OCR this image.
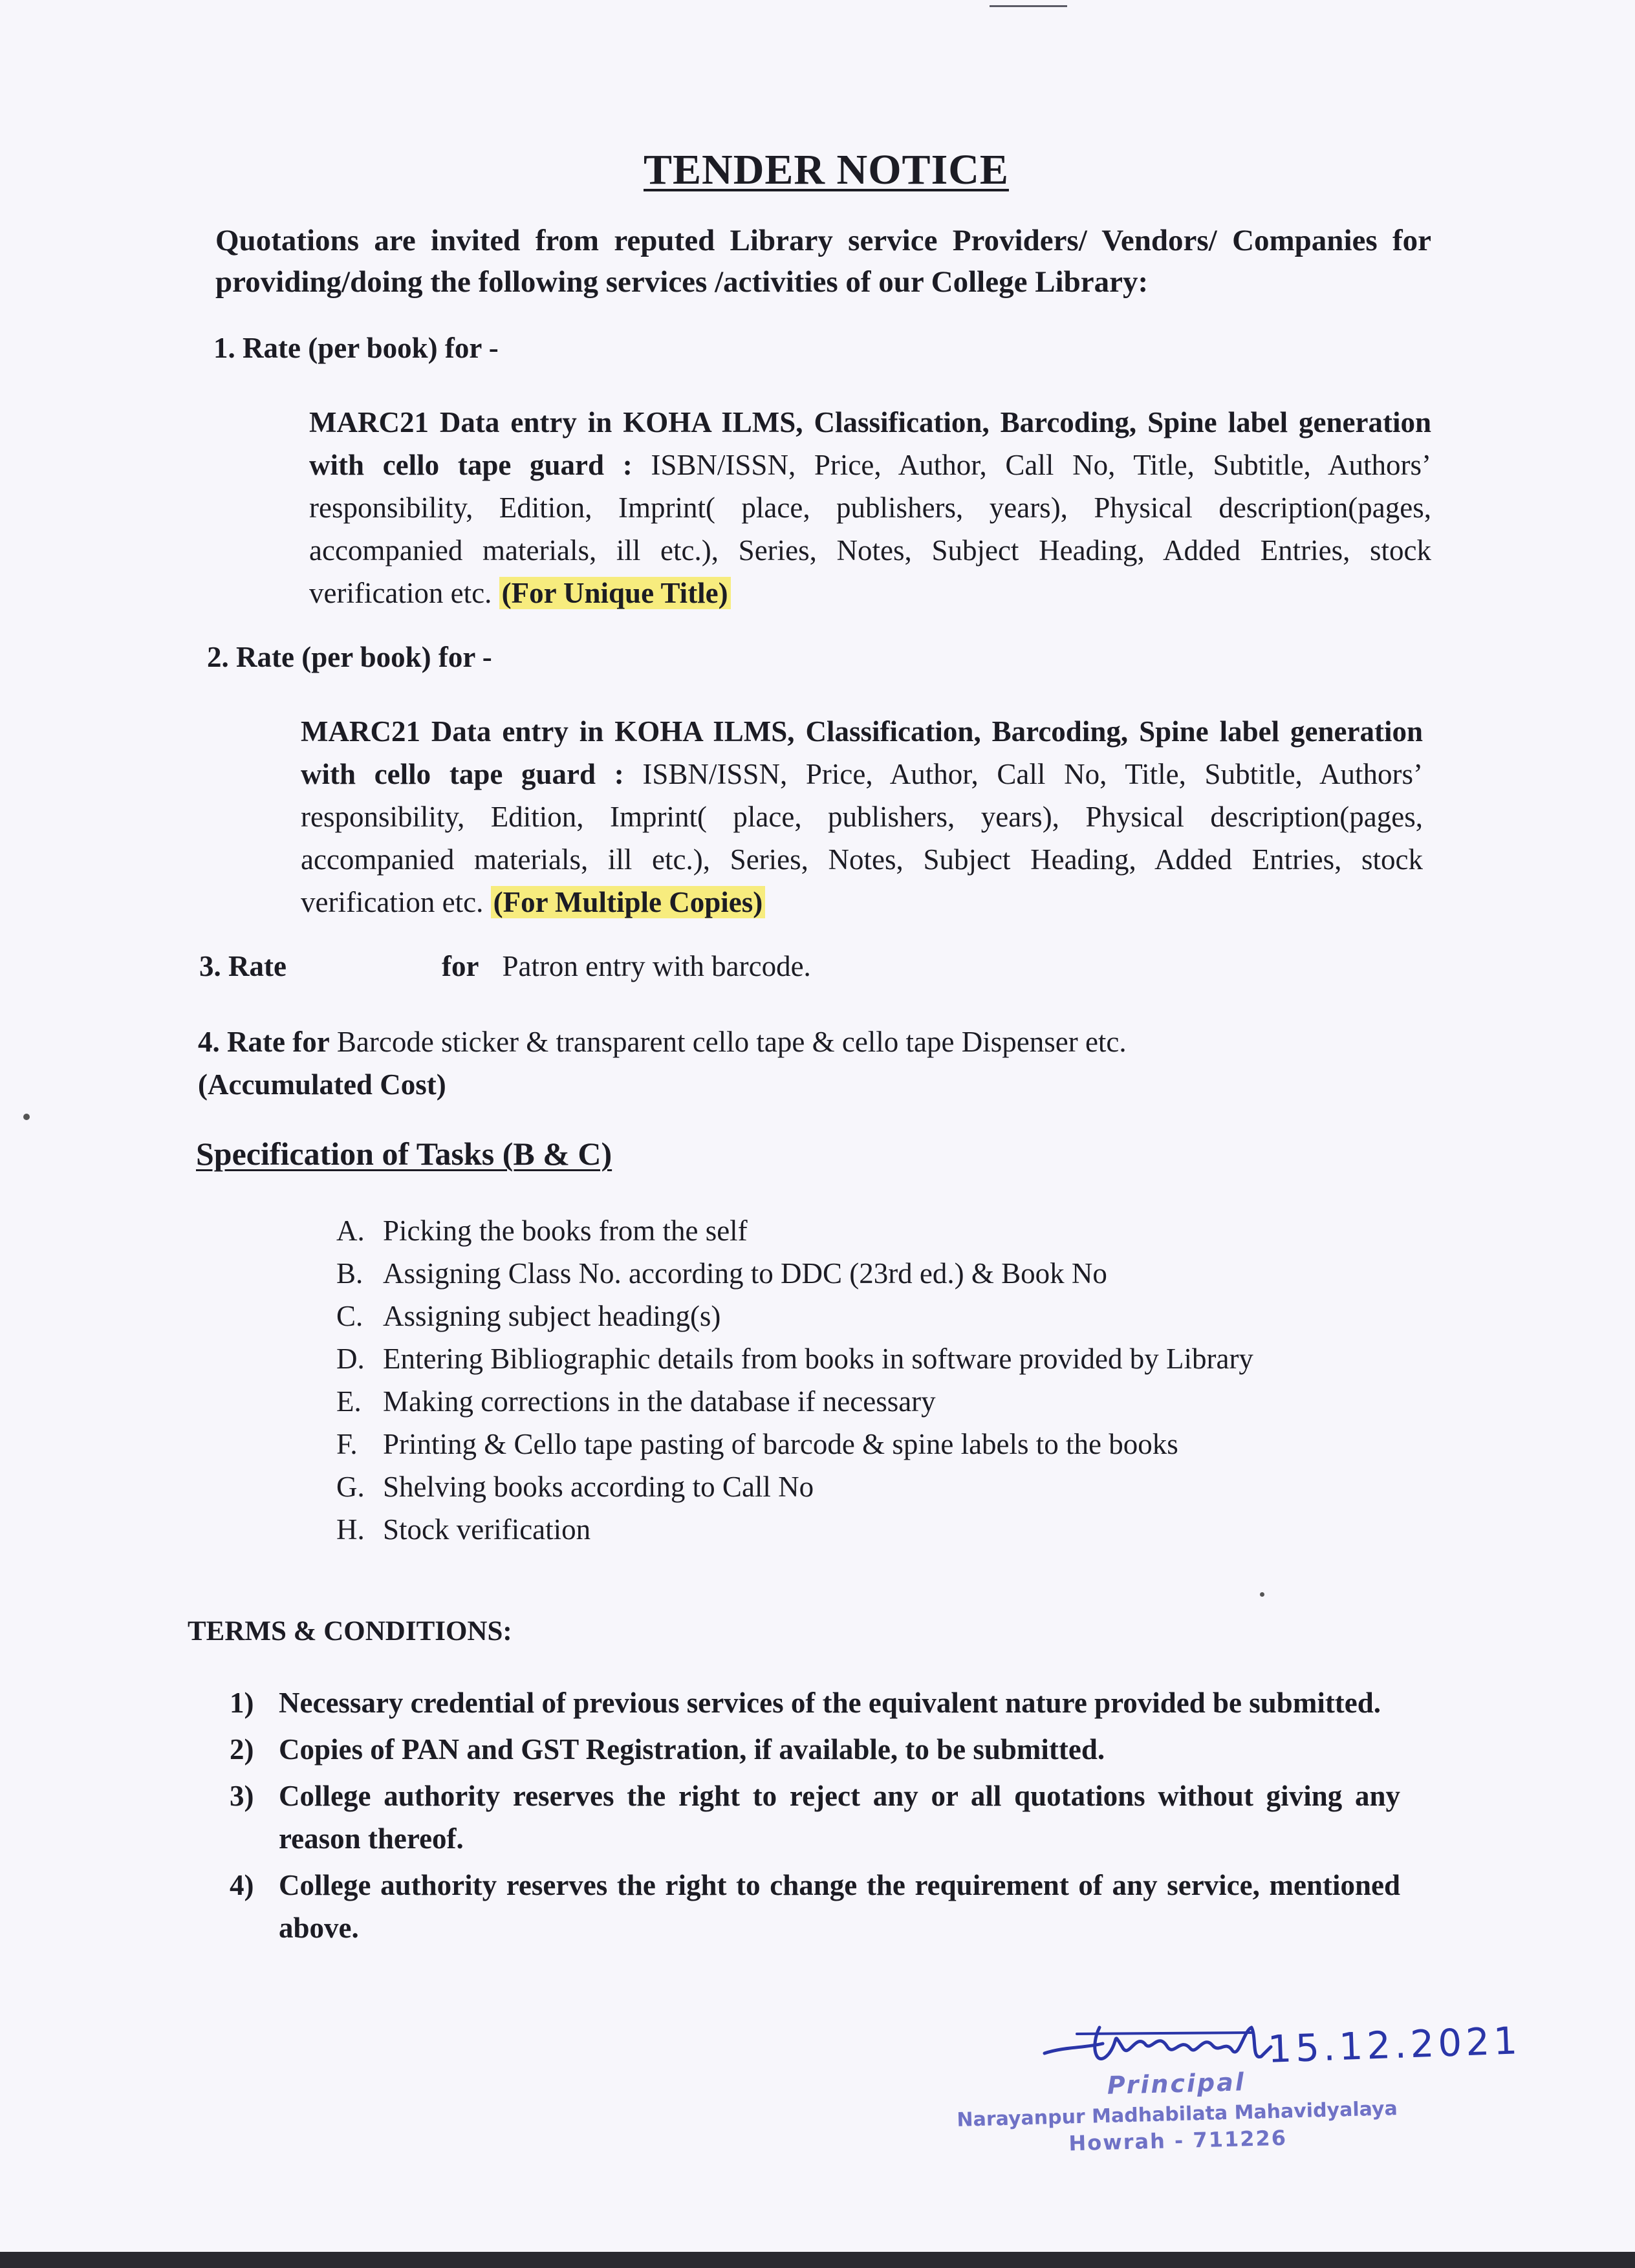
TENDER NOTICE
Quotations are invited from reputed Library service Providers/ Vendors/ Companies for providing/doing the following services /activities of our College Library:
1. Rate (per book) for -
MARC21 Data entry in KOHA ILMS, Classification, Barcoding, Spine label generation with cello tape guard : ISBN/ISSN, Price, Author, Call No, Title, Subtitle, Authors’ responsibility, Edition, Imprint( place, publishers, years), Physical description(pages, accompanied materials, ill etc.), Series, Notes, Subject Heading, Added Entries, stock verification etc. (For Unique Title)
2. Rate (per book) for -
MARC21 Data entry in KOHA ILMS, Classification, Barcoding, Spine label generation with cello tape guard : ISBN/ISSN, Price, Author, Call No, Title, Subtitle, Authors’ responsibility, Edition, Imprint( place, publishers, years), Physical description(pages, accompanied materials, ill etc.), Series, Notes, Subject Heading, Added Entries, stock verification etc. (For Multiple Copies)
3. Rate	for Patron entry with barcode.
4. Rate for Barcode sticker & transparent cello tape & cello tape Dispenser etc.
(Accumulated Cost)
Specification of Tasks (B & C)
A. Picking the books from the self
B. Assigning Class No. according to DDC (23rd ed.) & Book No
C. Assigning subject heading(s)
D. Entering Bibliographic details from books in software provided by Library
E. Making corrections in the database if necessary
F. Printing & Cello tape pasting of barcode & spine labels to the books
G. Shelving books according to Call No
H. Stock verification
TERMS & CONDITIONS:
1) Necessary credential of previous services of the equivalent nature provided be submitted.
2) Copies of PAN and GST Registration, if available, to be submitted.
3) College authority reserves the right to reject any or all quotations without giving any reason thereof.
4) College authority reserves the right to change the requirement of any service, mentioned above.
15.12.2021
Principal
Narayanpur Madhabilata Mahavidyalaya
Howrah - 711226
